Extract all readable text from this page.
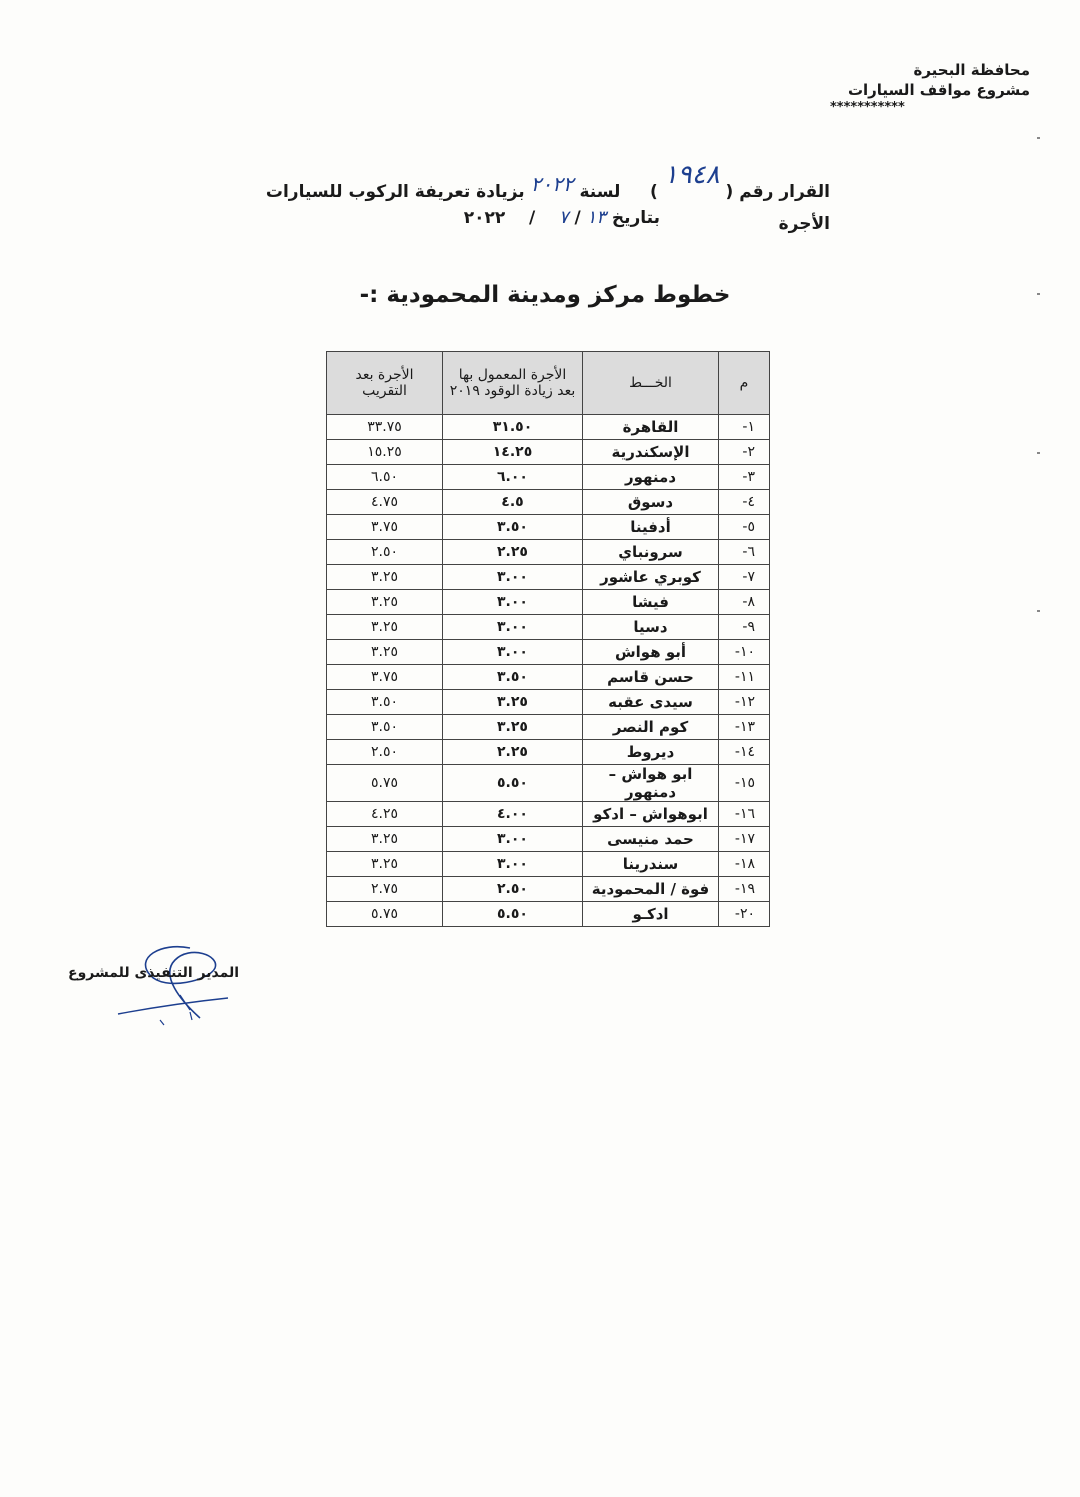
محافظة البحيرة
مشروع مواقف السيارات
***********
القرار رقم ( ١٩٤٨ )     لسنة ٢٠٢٢ بزيادة تعريفة الركوب للسيارات الأجرة
بتاريخ ١٣ / ٧    /    ٢٠٢٢
خطوط مركز ومدينة المحمودية :-
م	الخـــط	الأجرة المعمول بها بعد زيادة الوقود ٢٠١٩	الأجرة بعد التقريب
١-	القاهرة	٣١.٥٠	٣٣.٧٥
٢-	الإسكندرية	١٤.٢٥	١٥.٢٥
٣-	دمنهور	٦.٠٠	٦.٥٠
٤-	دسوق	٤.٥	٤.٧٥
٥-	أدفينا	٣.٥٠	٣.٧٥
٦-	سرونباي	٢.٢٥	٢.٥٠
٧-	كوبري عاشور	٣.٠٠	٣.٢٥
٨-	فيشا	٣.٠٠	٣.٢٥
٩-	دسيا	٣.٠٠	٣.٢٥
١٠-	أبو هواش	٣.٠٠	٣.٢٥
١١-	حسن قاسم	٣.٥٠	٣.٧٥
١٢-	سيدى عقبه	٣.٢٥	٣.٥٠
١٣-	كوم النصر	٣.٢٥	٣.٥٠
١٤-	ديروط	٢.٢٥	٢.٥٠
١٥-	ابو هواش – دمنهور	٥.٥٠	٥.٧٥
١٦-	ابوهواش – ادكو	٤.٠٠	٤.٢٥
١٧-	حمد منيسى	٣.٠٠	٣.٢٥
١٨-	سندرينا	٣.٠٠	٣.٢٥
١٩-	فوة / المحمودية	٢.٥٠	٢.٧٥
٢٠-	ادكـو	٥.٥٠	٥.٧٥
المدير التنفيذى للمشروع
